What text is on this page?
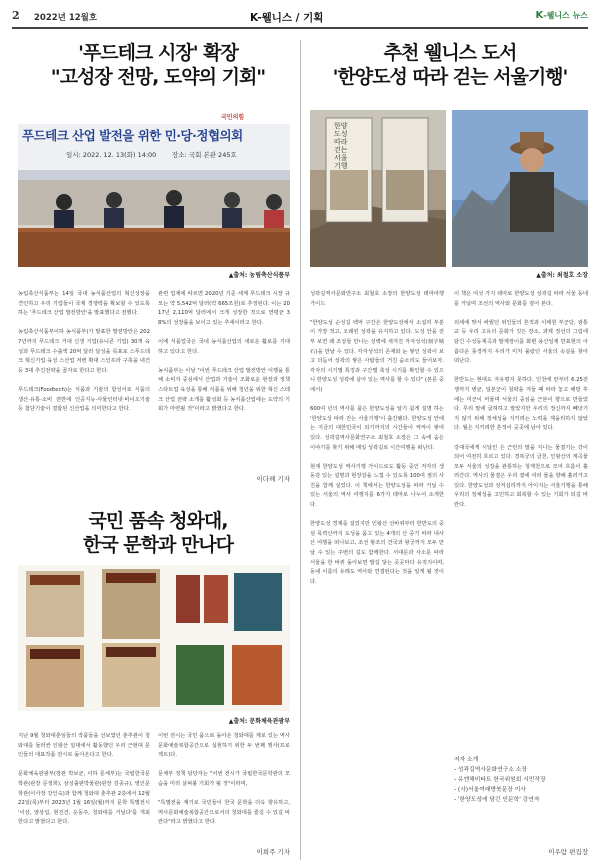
2 2022년 12월호	K-웰니스 / 기획	K-웰니스 뉴스
'푸드테크 시장' 확장
"고성장 전망, 도약의 기회"
국민의힘
푸드테크 산업 발전을 위한 민·당·정협의회
일시: 2022. 12. 13(화) 14:00 장소: 국회 본관 245호
▲출처: 농림축산식품부
농림축산식품부는 14일 국내 농식품산업의 혁신성장을 견인하고 우리 기업들이 국제 경쟁력을 확보할 수 있도록 하는 '푸드테크 산업 발전방안'을 발표했다고 전했다.

농림축산식품부이하 농식품부)가 발표한 발전방안은 2027년까지 푸드테크 거대 신생 기업(유니콘 기업) 30개 육성과 푸드테크 수출액 20억 달러 달성을 목표로 스푸드테크 혁신기업 육성 스산업 저변 확대 스인프라 구축을 내건 등 3대 추진전략을 골자로 한다고 한다.

푸드테크(Foodtech)는 식품과 기술의 합성어로 식품의 생산·유통·소비 전반에 인공지능·사물인터넷·바이오기술 등 첨단기술이 결합된 신산업을 의미한다고 한다.
관련 업계에 따르면 2020년 기준 세계 푸드테크 시장 규모는 약 5,542억 달러(약 665조원)로 추정된다. 이는 2017년 2,110억 달러에서 크게 성장한 것으로 연평균 38%의 성장률을 보이고 있는 추세이라고 한다.

이에 식품업국은 국내 농식품산업의 새로운 활로를 기대하고 있다고 한다.

농식품부는 이날 "이번 푸드테크 산업 발전방안 이행을 통해 소비자 중심에서 산업과 기술이 조화로운 현장과 정책 스타트업 육성을 통해 식품을 위해 청년을 위한 혁신 스테크 산업 전략 소개를 활성화 등 농식품산업에는 도약의 기회가 마련될 것"이라고 밝혔다고 한다.
이다해 기자
국민 품속 청와대,
한국 문학과 만나다
▲출처: 문화체육관광부
지난 9월 청와대춘임들의 작품들을 선보였던 춘추관이 청와대를 둘러싼 인왕산 일대에서 활동했던 우리 근현대 문인들의 대표작품 전시로 돌아온다고 한다.

문화체육관광부(장관 박보균, 이하 문체부)는 국립한국문학관(관장 문정희), 삼성출판박물관(관장 김종규), 영인문학관(이사장 강인숙)과 함께 청와대 춘추관 2층에서 12월 22일(목)부터 2023년 1월 16일(월)까지 문학 특별전시 '이상, 염상섭, 현진건, 운동주, 청와대를 거닐다'를 개최한다고 밝혔다고 한다.
이번 전시는 국민 품으로 돌아온 청와대를 계로 있는 역사문화예술복합공간으로 실현하기 위한 두 번째 행사(프로젝트)다.

문체부 정책 담당자는 "이번 전시가 국립한국문학관의 모습을 미리 살펴볼 기회가 될 것"이라며,

"특별전을 계기로 국민들이 한국 문학을 더욱 향유하고, 역사문화예술복합공간으로서의 청와대를 즐길 수 있길 바란다"라고 밝혔다고 한다.
이희주 기자
추천 웰니스 도서
'한양도성 따라 걷는 서울기행'
한양도성 따라 걷는 서울기행
▲출처: 최철호 소장
성곽길역사문화연구소 최철호 소장의 한양도성 테마여행 가이드

"한양도성 순성길 백악 구간은 한양도성에서 소설리 부분이 가장 적고, 오래된 성곽을 유지하고 있다. 도성 안을 전부 보면 왜 조상들 만나는 성벽에 새겨진 각자성석(刻字城石)을 만날 수 있다. 각자성석의 존재와 눈 쌓인 성곽이 보고 더듬어 성곽의 쌓은 사람들의 거친 숨소리도 들어보자. 각자의 시기별 특징과 구간별 축성 시기를 확인할 수 있으니 한양도성 성곽에 살아 있는 역사를 할 수 있다" (본문 중에서)

600여 년의 역사를 품은 한양도성을 알기 쉽게 설명 하는 '한양도성 따라 걷는 서울기행'이 출간됐다. 한양도성 안에는 지금의 대한민국이 되기까지의 시간들이 켜켜이 쌓여 있다. 성곽길역사문화연구소 최철호 소장은 그 속에 숨은 이야기를 찾기 위해 매일 성곽길로 시간여행을 떠난다.

현재 한양도성 역사기행 가이드로도 활동 중인 저자의 생동감 있는 설명과 현장감을 느낄 수 있도록 100여 점의 사진을 함께 실었다. 이 책에서는 한양도성을 따라 거닐 수 있는 서울의 역사 여행지를 6가지 테마로 나누어 소개한다.

한양도성 경계를 걸었지만 인왕산 선바위부터 한반도의 중심 목멱산까지 도성을 품고 있는 4개의 산 중기 따라 내사산 여행을 떠나보고, 조선 왕조의 건국과 왕궁까지 모두 만날 수 있는 주변의 길도 함께한다. 서대문과 사소문 따라 서울을 한 바퀴 돌아보면 발길 닿는 곳곳마다 유적지이며, 동네 이름의 유래도 역사와 연결된다는 것을 알게 될 것이다.
이 책은 여섯 가지 테마로 한양도성 성곽길 따라 서울 동네를 거닐며 조선의 역사와 문화를 짚어 본다.

외세에 맞서 싸웠던 위인들의 흔적과 이태원 부군당, 광통교 등 우리 고유의 문화가 깃든 장소, 과제 정선의 그림에 담긴 수성동계곡과 팔계장이를 화편 용산일제 반표현의 아름다운 풍경까지 우리가 미처 몰랐던 서울의 속살을 찾아 떠난다.

한반도는 현대도 자유평지 못하다. 인천에 란부터 6.25전쟁까지 병균, 일본군이 침략을 겨들 때 따라 놓고 해방 후에는 미군이 머물며 서울의 중심을 근본이 향으로 만들었다. 무리 말에 굽혀하고 말았지만 우리의 정신까지 빼앗기지 않기 위해 정체성을 지키려는 노력을 계을리하지 않았다. 월은 지키려한 흔적이 곳곳에 남아 있다.

강대국에게 시달린 은 근런의 말을 지나는 물결기는 강이 되어 여전히 흐르고 있다. 경복궁의 금천, 인왕산의 계곡물 모두 서울의 성장을 관통하는 청계천으로 모여 흐름이 흘러간다. 역사의 물결은 우리 곁에 여러 물을 향해 흘러가고 있다. 한양도성과 성저십리까지 아이지는 서울기행을 통해 우리의 정체성을 고민하고 회복할 수 있는 기회가 되길 바란다.
저자 소개
- 성곽길역사문화연구소 소장
- 유엔해비타트 한국위원회 시민작장
- (사)서울여래방북문장 이사
- '한양도성에 담긴 인문학' 강연자
이우람 편집장
